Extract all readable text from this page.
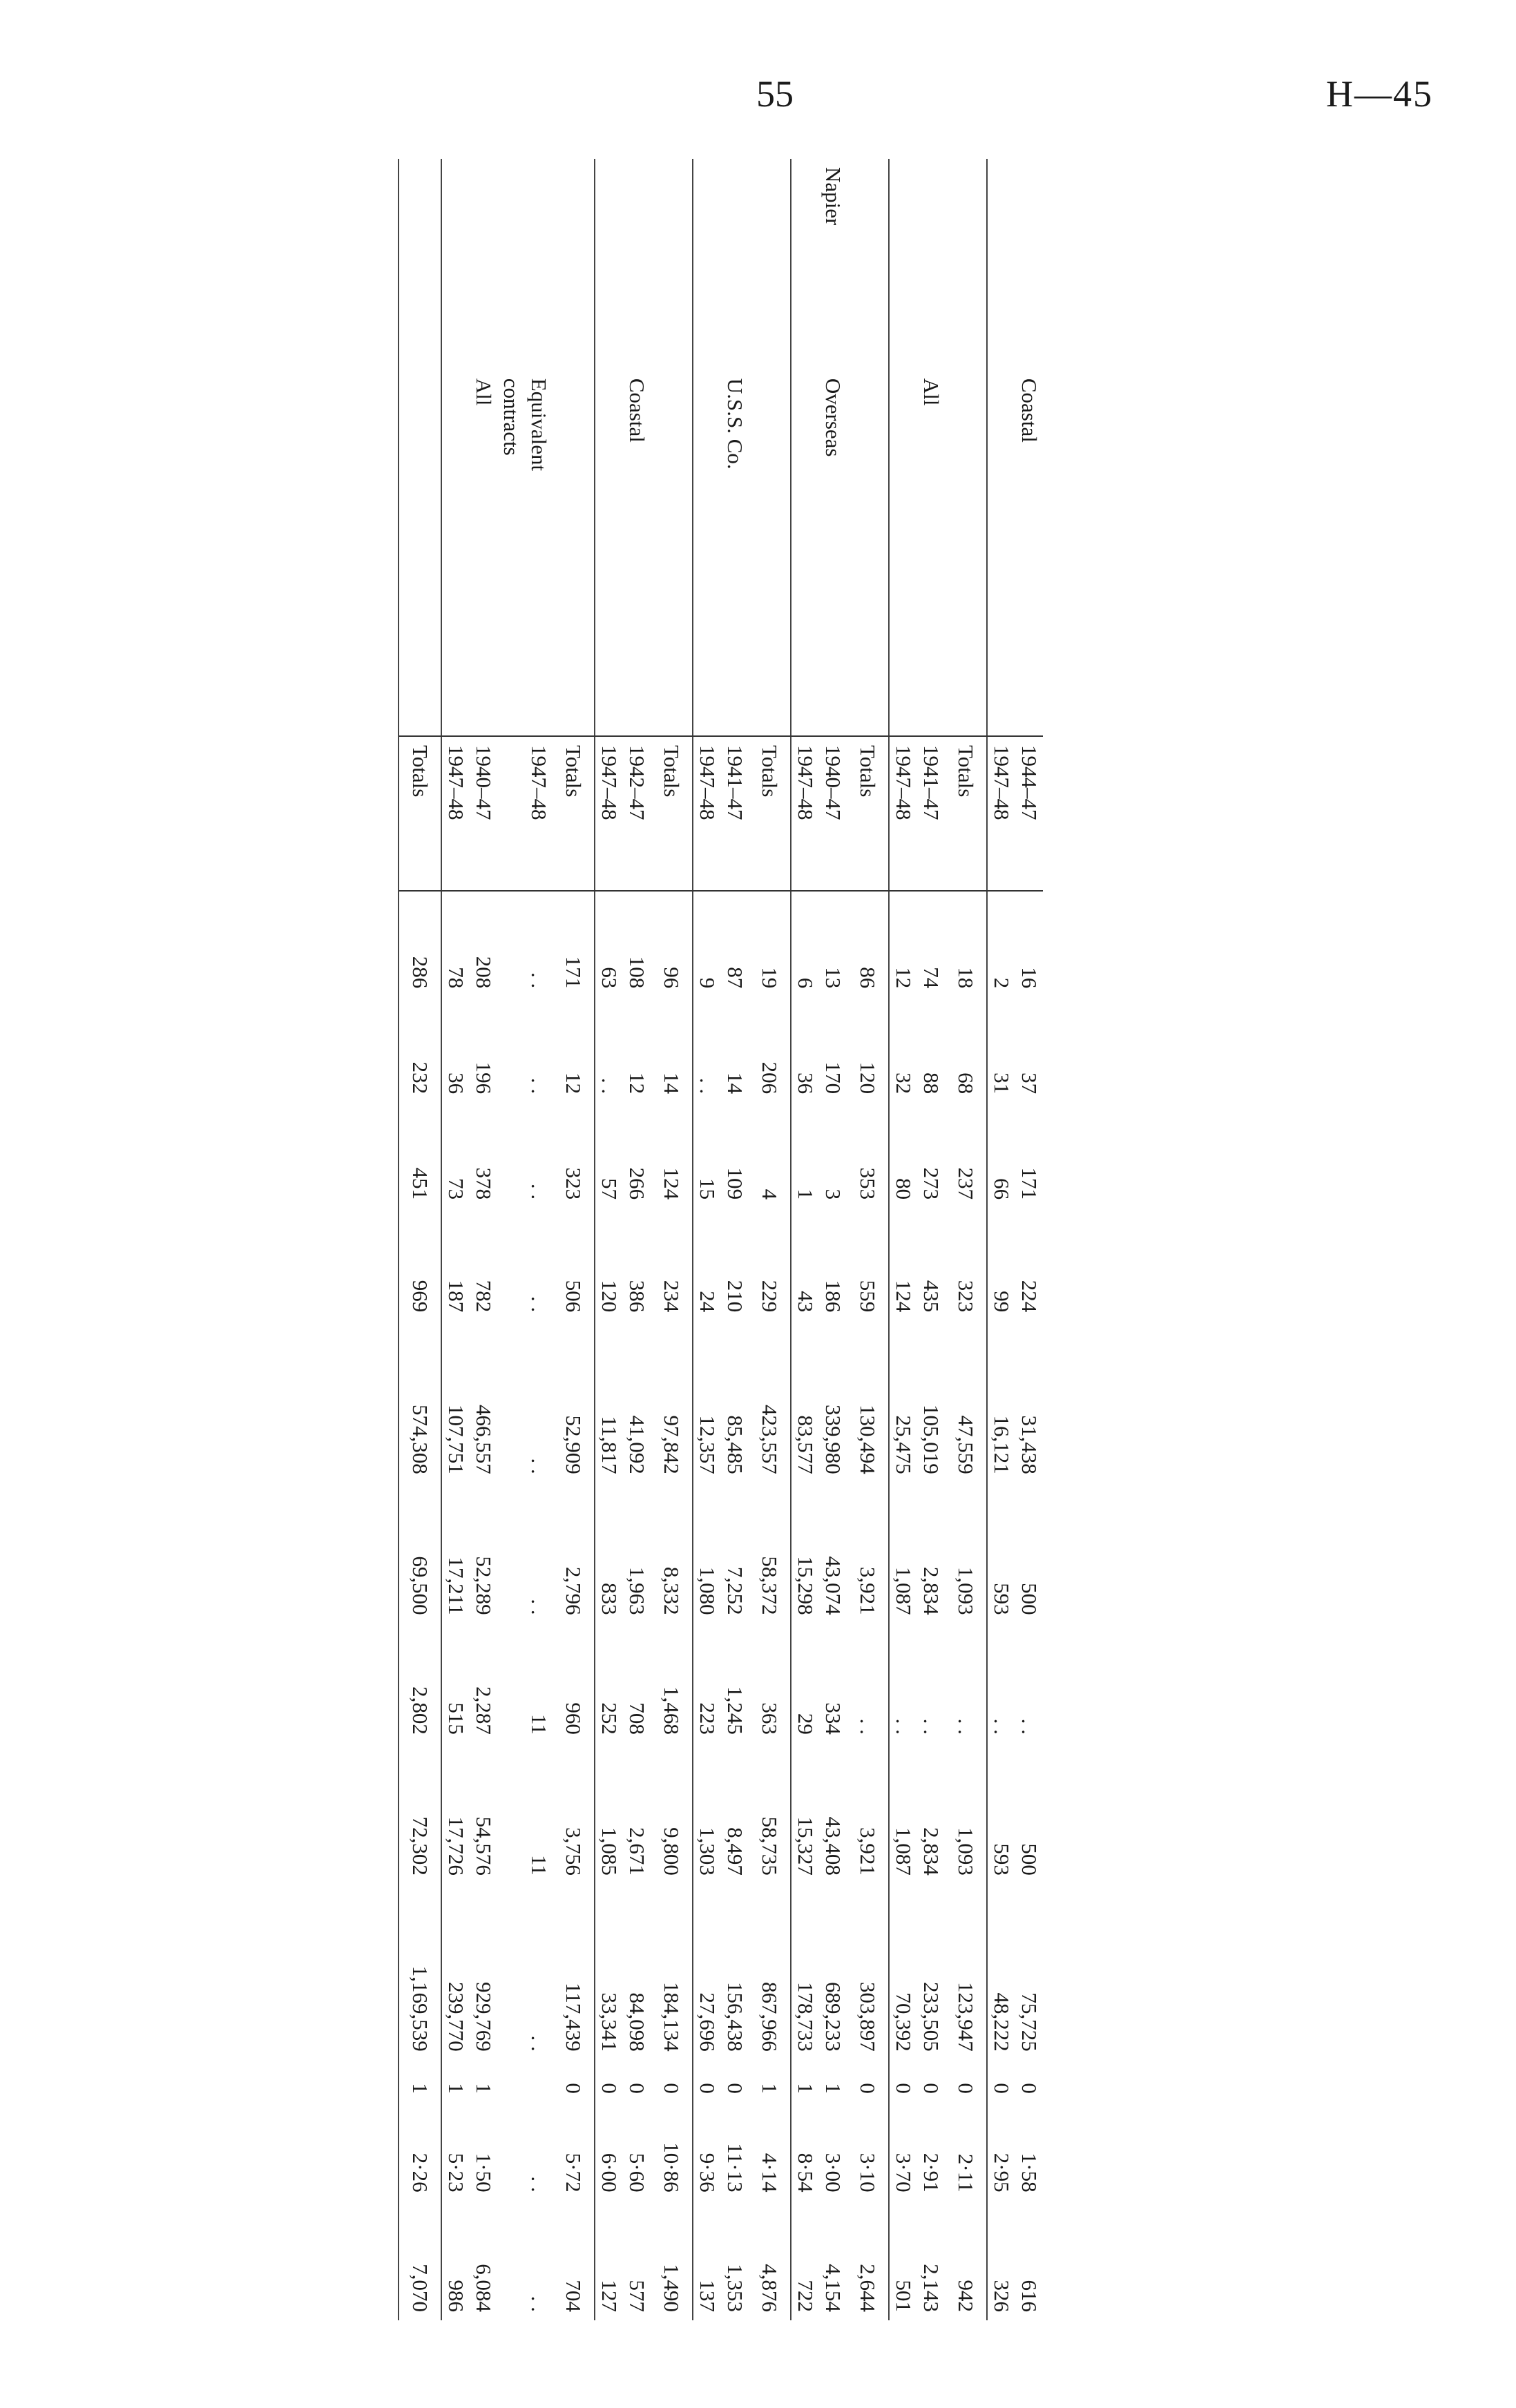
55	H—45
	Coastal	1944–47	16	37	171	224	31,438	500	. .	500	75,725	0	1·58	616
		1947–48	2	31	66	99	16,121	593	. .	593	48,222	0	2·95	326
		Totals	18	68	237	323	47,559	1,093	. .	1,093	123,947	0	2·11	942
	All	1941–47	74	88	273	435	105,019	2,834	. .	2,834	233,505	0	2·91	2,143
		1947–48	12	32	80	124	25,475	1,087	. .	1,087	70,392	0	3·70	501
		Totals	86	120	353	559	130,494	3,921	. .	3,921	303,897	0	3·10	2,644
Napier	Overseas	1940–47	13	170	3	186	339,980	43,074	334	43,408	689,233	1	3·00	4,154
		1947–48	6	36	1	43	83,577	15,298	29	15,327	178,733	1	8·54	722
		Totals	19	206	4	229	423,557	58,372	363	58,735	867,966	1	4·14	4,876
	U.S.S. Co.	1941–47	87	14	109	210	85,485	7,252	1,245	8,497	156,438	0	11·13	1,353
		1947–48	9	. .	15	24	12,357	1,080	223	1,303	27,696	0	9·36	137
		Totals	96	14	124	234	97,842	8,332	1,468	9,800	184,134	0	10·86	1,490
	Coastal	1942–47	108	12	266	386	41,092	1,963	708	2,671	84,098	0	5·60	577
		1947–48	63	. .	57	120	11,817	833	252	1,085	33,341	0	6·00	127
		Totals	171	12	323	506	52,909	2,796	960	3,756	117,439	0	5·72	704
	Equivalent	1947–48	. .	. .	. .	. .	. .	. .	11	11	. .		. .	. .
	contracts													
	All	1940–47	208	196	378	782	466,557	52,289	2,287	54,576	929,769	1	1·50	6,084
		1947–48	78	36	73	187	107,751	17,211	515	17,726	239,770	1	5·23	986
		Totals	286	232	451	969	574,308	69,500	2,802	72,302	1,169,539	1	2·26	7,070
